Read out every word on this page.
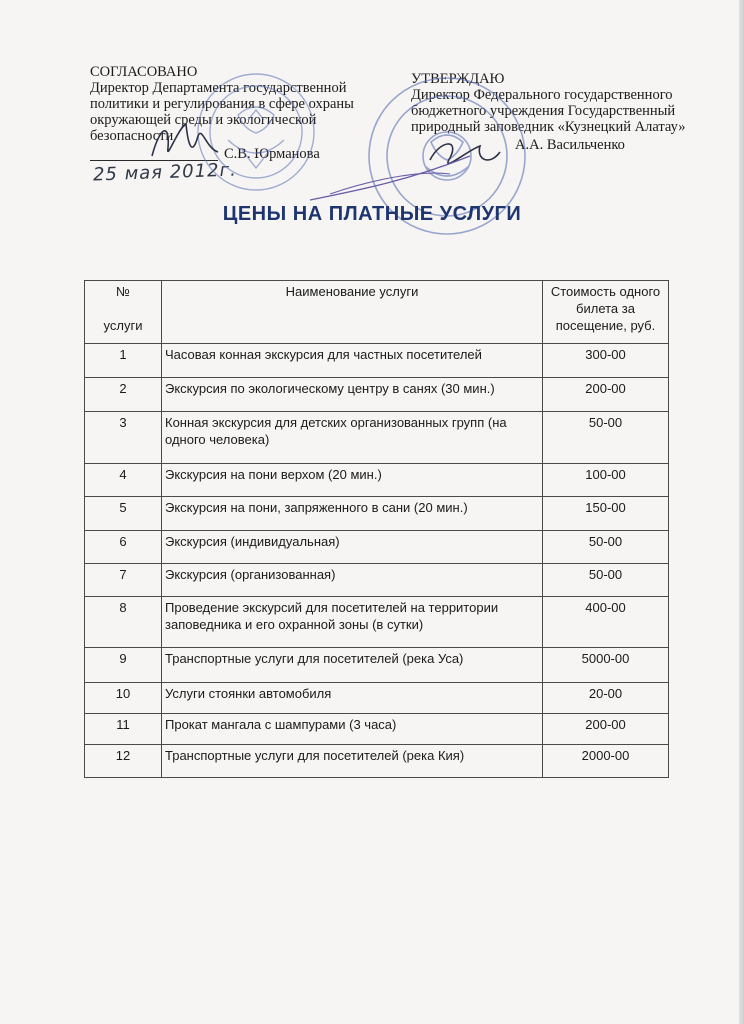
СОГЛАСОВАНО
Директор Департамента государственной
политики и регулирования в сфере охраны
окружающей среды и экологической
безопасности
С.В. Юрманова
25 мая 2012г.
УТВЕРЖДАЮ
Директор Федерального государственного
бюджетного учреждения Государственный
природный заповедник «Кузнецкий Алатау»
А.А. Васильченко
ЦЕНЫ НА ПЛАТНЫЕ УСЛУГИ
№
услуги	Наименование услуги	Стоимость одного билета за посещение, руб.
1	Часовая конная экскурсия для частных посетителей	300-00
2	Экскурсия по экологическому центру в санях (30 мин.)	200-00
3	Конная экскурсия для детских организованных групп (на одного человека)	50-00
4	Экскурсия на пони верхом (20 мин.)	100-00
5	Экскурсия на пони, запряженного в сани (20 мин.)	150-00
6	Экскурсия (индивидуальная)	50-00
7	Экскурсия (организованная)	50-00
8	Проведение экскурсий для посетителей на территории заповедника и его охранной зоны (в сутки)	400-00
9	Транспортные услуги для посетителей (река Уса)	5000-00
10	Услуги стоянки автомобиля	20-00
11	Прокат мангала с шампурами (3 часа)	200-00
12	Транспортные услуги для посетителей (река Кия)	2000-00
